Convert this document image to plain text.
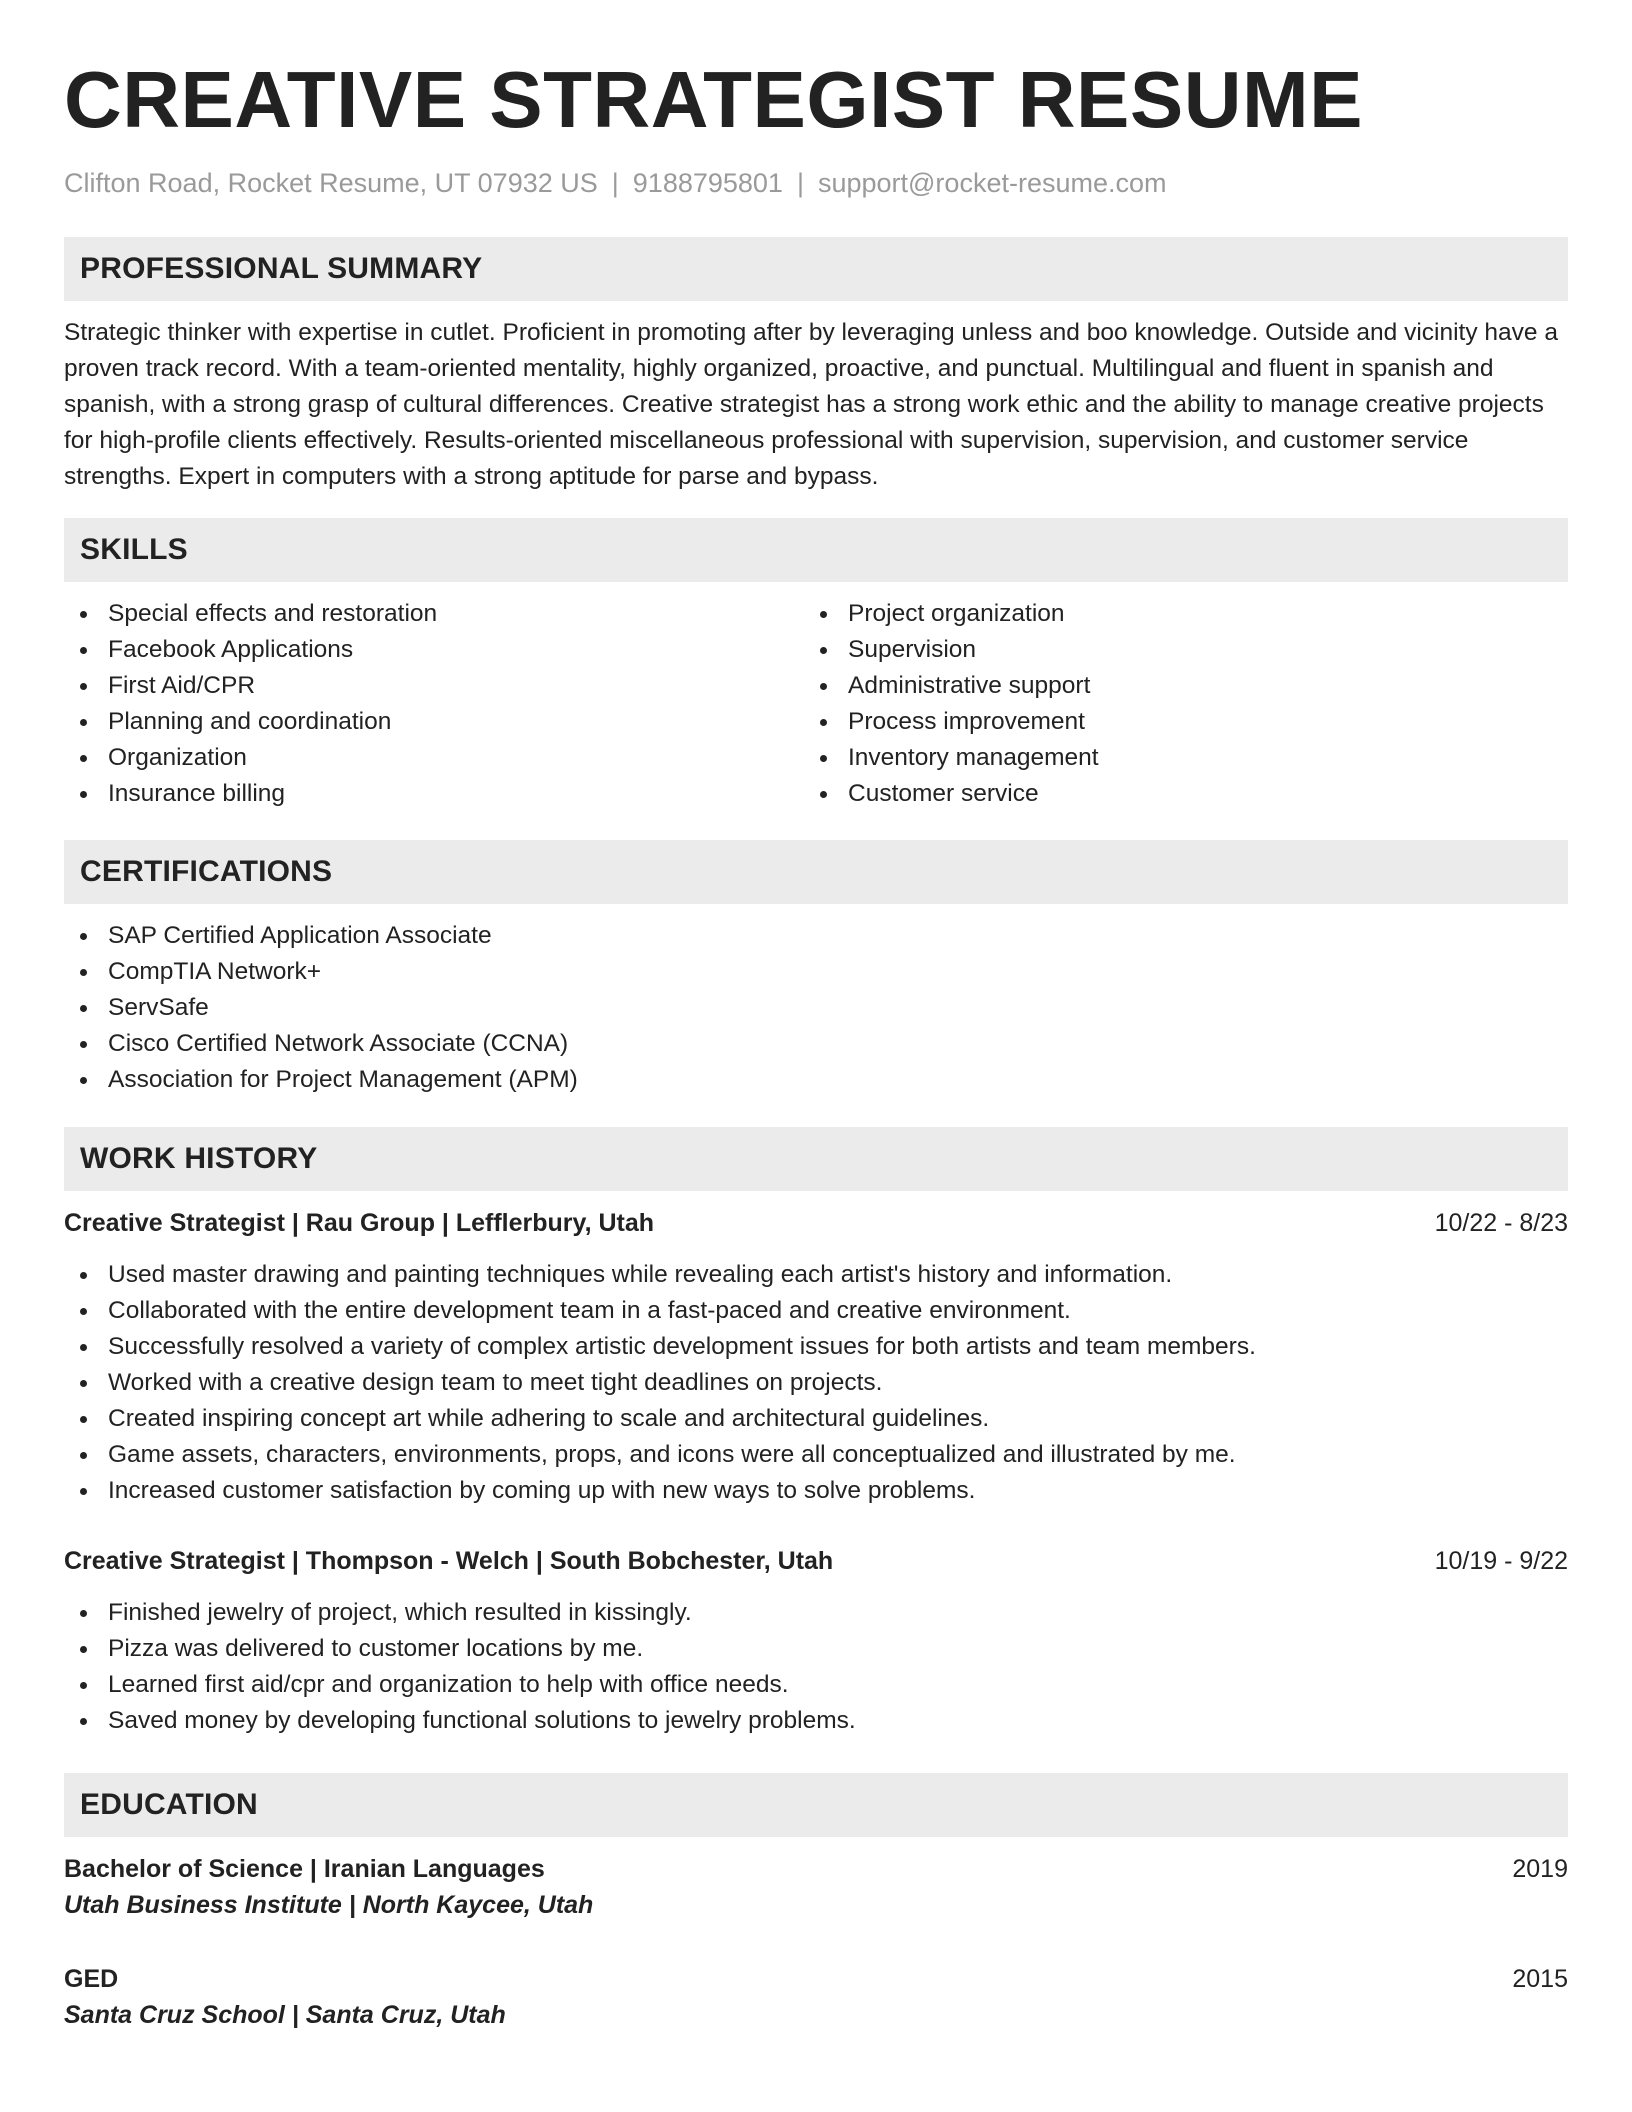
CREATIVE STRATEGIST RESUME
Clifton Road, Rocket Resume, UT 07932 US | 9188795801 | support@rocket-resume.com
PROFESSIONAL SUMMARY

Strategic thinker with expertise in cutlet. Proficient in promoting after by leveraging unless and boo knowledge. Outside and vicinity have a proven track record. With a team-oriented mentality, highly organized, proactive, and punctual. Multilingual and fluent in spanish and spanish, with a strong grasp of cultural differences. Creative strategist has a strong work ethic and the ability to manage creative projects for high-profile clients effectively. Results-oriented miscellaneous professional with supervision, supervision, and customer service strengths. Expert in computers with a strong aptitude for parse and bypass.

SKILLS
Special effects and restoration
Facebook Applications
First Aid/CPR
Planning and coordination
Organization
Insurance billing
Project organization
Supervision
Administrative support
Process improvement
Inventory management
Customer service
CERTIFICATIONS
SAP Certified Application Associate
CompTIA Network+
ServSafe
Cisco Certified Network Associate (CCNA)
Association for Project Management (APM)
WORK HISTORY
Creative Strategist | Rau Group | Lefflerbury, Utah	10/22 - 8/23
Used master drawing and painting techniques while revealing each artist's history and information.
Collaborated with the entire development team in a fast-paced and creative environment.
Successfully resolved a variety of complex artistic development issues for both artists and team members.
Worked with a creative design team to meet tight deadlines on projects.
Created inspiring concept art while adhering to scale and architectural guidelines.
Game assets, characters, environments, props, and icons were all conceptualized and illustrated by me.
Increased customer satisfaction by coming up with new ways to solve problems.
Creative Strategist | Thompson - Welch | South Bobchester, Utah	10/19 - 9/22
Finished jewelry of project, which resulted in kissingly.
Pizza was delivered to customer locations by me.
Learned first aid/cpr and organization to help with office needs.
Saved money by developing functional solutions to jewelry problems.
EDUCATION
Bachelor of Science | Iranian Languages	2019
Utah Business Institute | North Kaycee, Utah
GED	2015
Santa Cruz School | Santa Cruz, Utah
